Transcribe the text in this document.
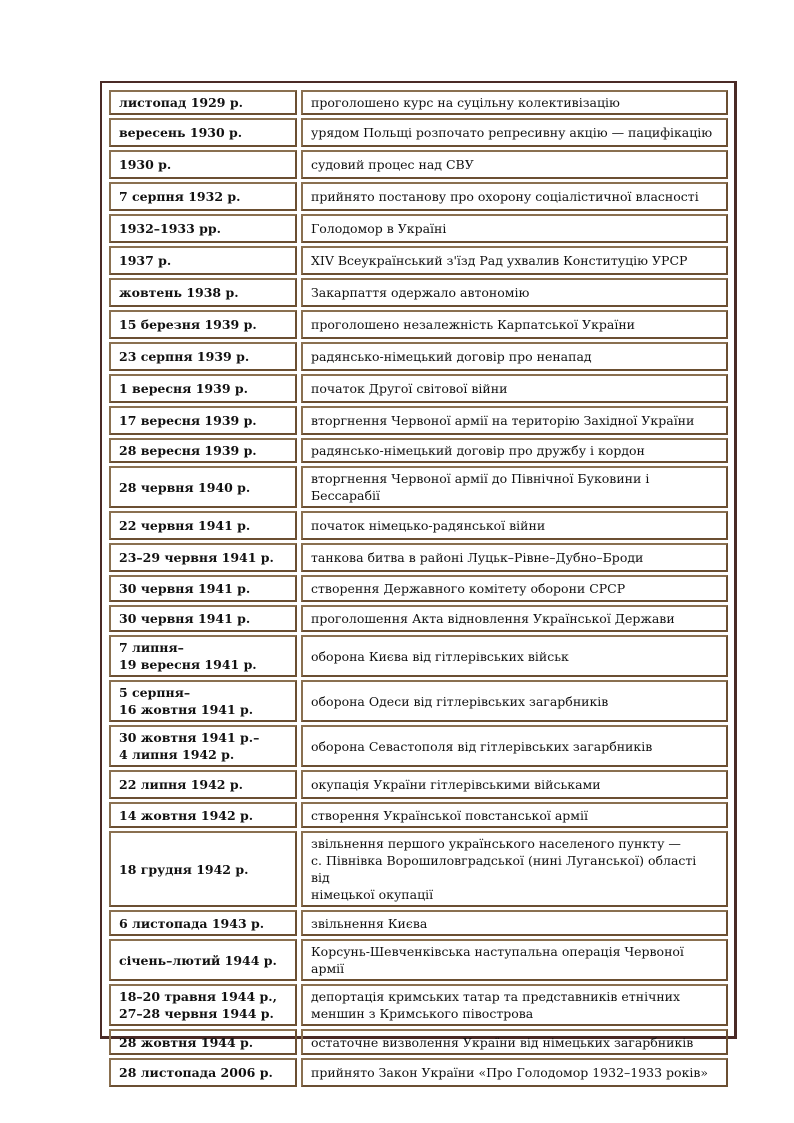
листопад 1929 р.	проголошено курс на суцільну колективізацію
вересень 1930 р.	урядом Польщі розпочато репресивну акцію — пацифікацію
1930 р.	судовий процес над СВУ
7 серпня 1932 р.	прийнято постанову про охорону соціалістичної власності
1932–1933 рр.	Голодомор в Україні
1937 р.	XIV Всеукраїнський з'їзд Рад ухвалив Конституцію УРСР
жовтень 1938 р.	Закарпаття одержало автономію
15 березня 1939 р.	проголошено незалежність Карпатської України
23 серпня 1939 р.	радянсько-німецький договір про ненапад
1 вересня 1939 р.	початок Другої світової війни
17 вересня 1939 р.	вторгнення Червоної армії на територію Західної України
28 вересня 1939 р.	радянсько-німецький договір про дружбу і кордон
28 червня 1940 р.	вторгнення Червоної армії до Північної Буковини і Бессарабії
22 червня 1941 р.	початок німецько-радянської війни
23–29 червня 1941 р.	танкова битва в районі Луцьк–Рівне–Дубно–Броди
30 червня 1941 р.	створення Державного комітету оборони СРСР
30 червня 1941 р.	проголошення Акта відновлення Української Держави
7 липня–
19 вересня 1941 р.	оборона Києва від гітлерівських військ
5 серпня–
16 жовтня 1941 р.	оборона Одеси від гітлерівських загарбників
30 жовтня 1941 р.–
4 липня 1942 р.	оборона Севастополя від гітлерівських загарбників
22 липня 1942 р.	окупація України гітлерівськими військами
14 жовтня 1942 р.	створення Української повстанської армії
18 грудня 1942 р.	звільнення першого українського населеного пункту —
с. Півнівка Ворошиловградської (нині Луганської) області від
німецької окупації
6 листопада 1943 р.	звільнення Києва
січень–лютий 1944 р.	Корсунь-Шевченківська наступальна операція Червоної армії
18–20 травня 1944 р.,
27–28 червня 1944 р.	депортація кримських татар та представників етнічних
меншин з Кримського півострова
28 жовтня 1944 р.	остаточне визволення України від німецьких загарбників
28 листопада 2006 р.	прийнято Закон України «Про Голодомор 1932–1933 років»
